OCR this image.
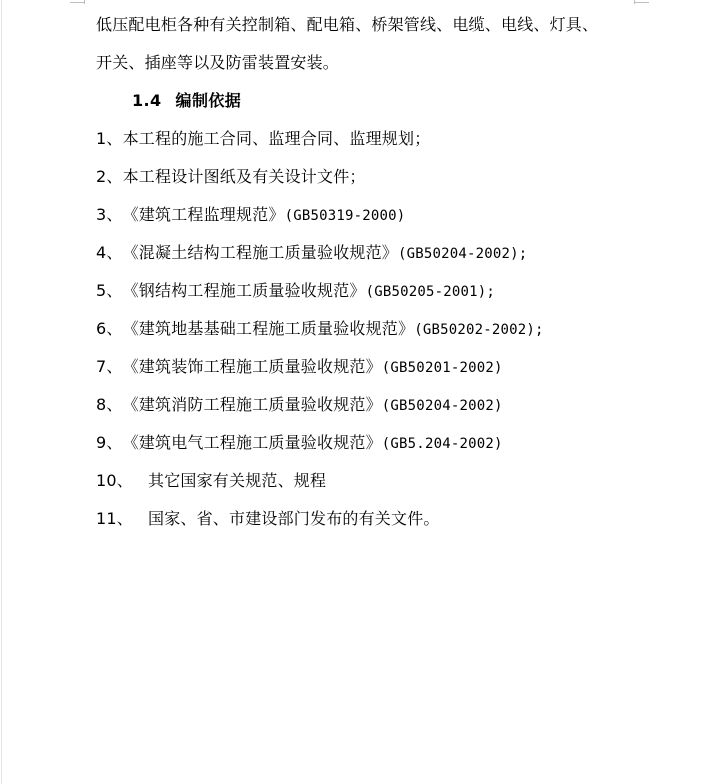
低压配电柜各种有关控制箱、配电箱、桥架管线、电缆、电线、灯具、
开关、插座等以及防雷装置安装。
1.4 编制依据
1、本工程的施工合同、监理合同、监理规划；
2、本工程设计图纸及有关设计文件；
3、《建筑工程监理规范》(GB50319-2000)
4、《混凝土结构工程施工质量验收规范》(GB50204-2002);
5、《钢结构工程施工质量验收规范》(GB50205-2001);
6、《建筑地基基础工程施工质量验收规范》(GB50202-2002);
7、《建筑装饰工程施工质量验收规范》(GB50201-2002)
8、《建筑消防工程施工质量验收规范》(GB50204-2002)
9、《建筑电气工程施工质量验收规范》(GB5.204-2002)
10、 其它国家有关规范、规程
11、 国家、省、市建设部门发布的有关文件。
